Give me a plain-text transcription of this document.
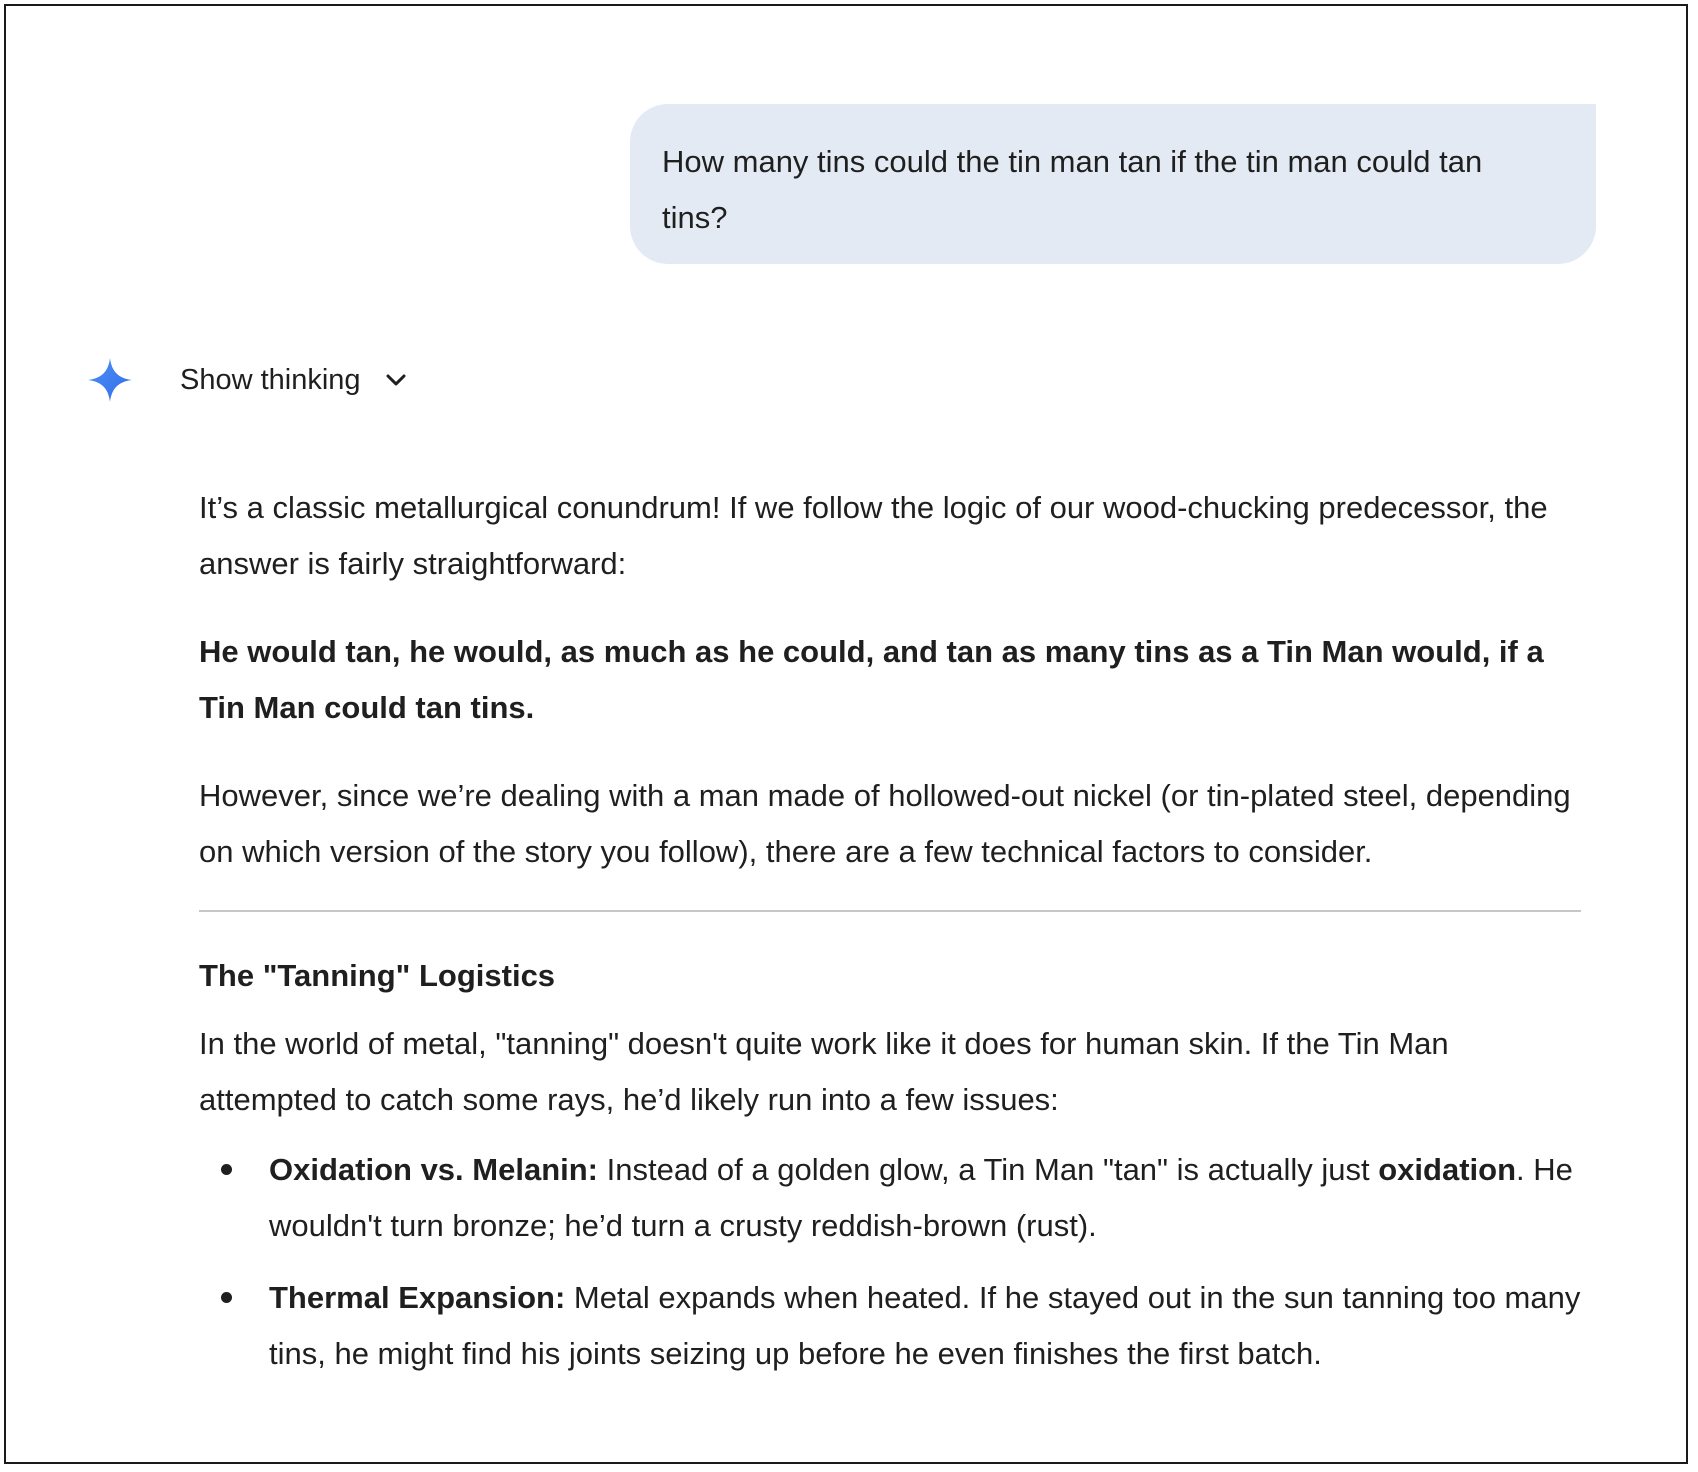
How many tins could the tin man tan if the tin man could tan tins?
Show thinking

It’s a classic metallurgical conundrum! If we follow the logic of our wood-chucking predecessor, the answer is fairly straightforward:

He would tan, he would, as much as he could, and tan as many tins as a Tin Man would, if a Tin Man could tan tins.

However, since we’re dealing with a man made of hollowed-out nickel (or tin-plated steel, depending on which version of the story you follow), there are a few technical factors to consider.

The "Tanning" Logistics

In the world of metal, "tanning" doesn't quite work like it does for human skin. If the Tin Man attempted to catch some rays, he’d likely run into a few issues:

Oxidation vs. Melanin: Instead of a golden glow, a Tin Man "tan" is actually just oxidation. He wouldn't turn bronze; he’d turn a crusty reddish-brown (rust).
Thermal Expansion: Metal expands when heated. If he stayed out in the sun tanning too many tins, he might find his joints seizing up before he even finishes the first batch.
